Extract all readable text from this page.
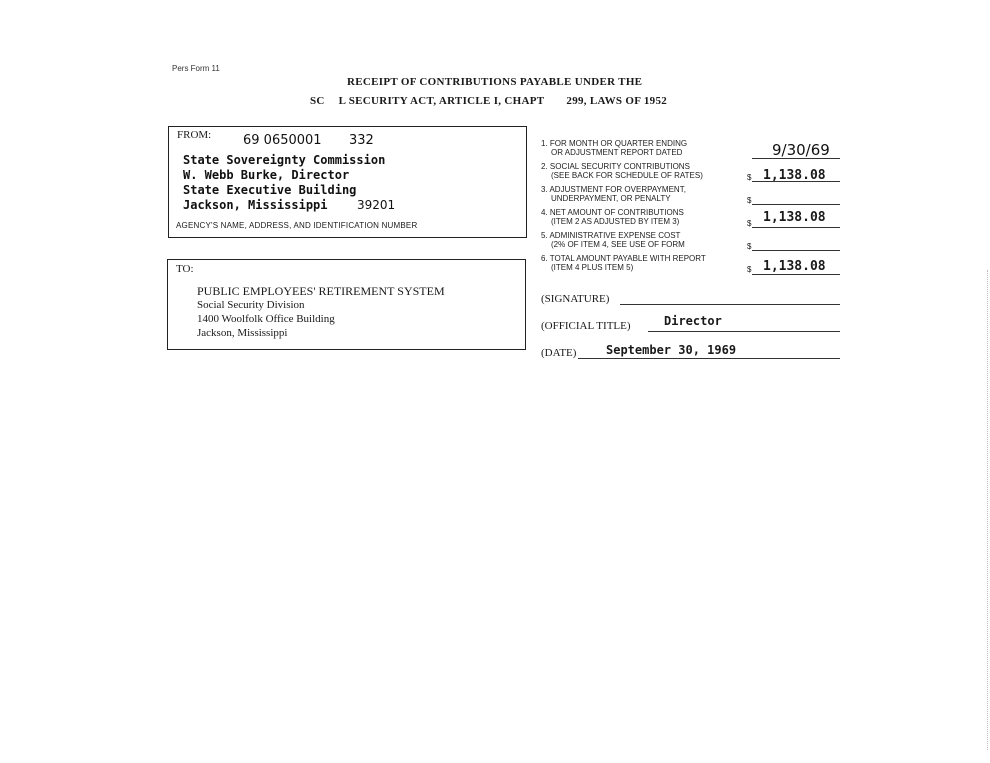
Pers Form 11
RECEIPT OF CONTRIBUTIONS PAYABLE UNDER THE
SC L SECURITY ACT, ARTICLE I, CHAPT 299, LAWS OF 1952
FROM: 69 0650001 332
State Sovereignty Commission
W. Webb Burke, Director
State Executive Building
Jackson, Mississippi 39201
AGENCY'S NAME, ADDRESS, AND IDENTIFICATION NUMBER
TO:
PUBLIC EMPLOYEES' RETIREMENT SYSTEM
Social Security Division
1400 Woolfolk Office Building
Jackson, Mississippi
1. FOR MONTH OR QUARTER ENDING
OR ADJUSTMENT REPORT DATED	9/30/69
2. SOCIAL SECURITY CONTRIBUTIONS
(SEE BACK FOR SCHEDULE OF RATES)	$ 1,138.08
3. ADJUSTMENT FOR OVERPAYMENT,
UNDERPAYMENT, OR PENALTY	$
4. NET AMOUNT OF CONTRIBUTIONS
(ITEM 2 AS ADJUSTED BY ITEM 3)	$ 1,138.08
5. ADMINISTRATIVE EXPENSE COST
(2% OF ITEM 4, SEE USE OF FORM	$
6. TOTAL AMOUNT PAYABLE WITH REPORT
(ITEM 4 PLUS ITEM 5)	$ 1,138.08
(SIGNATURE)
(OFFICIAL TITLE)	Director
(DATE) September 30, 1969
